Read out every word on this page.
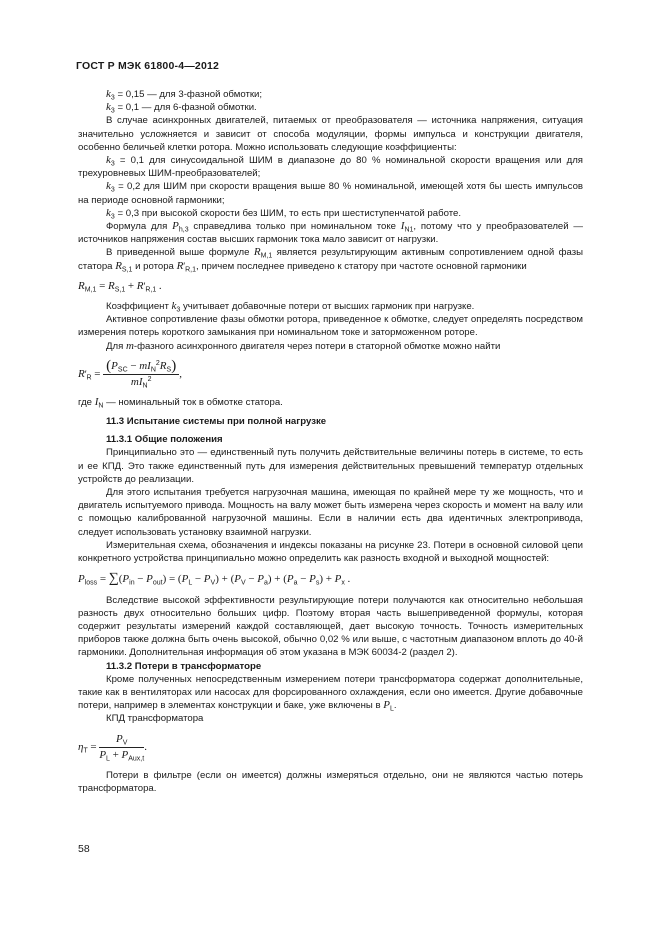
ГОСТ Р МЭК 61800-4—2012

$k_3 = 0,15$ — для 3-фазной обмотки;

$k_3 = 0,1$ — для 6-фазной обмотки.

В случае асинхронных двигателей, питаемых от преобразователя — источника напряжения, ситуация значительно усложняется и зависит от способа модуляции, формы импульса и конструкции двигателя, особенно беличьей клетки ротора. Можно использовать следующие коэффициенты:

$k_3 = 0,1$ для синусоидальной ШИМ в диапазоне до 80 % номинальной скорости вращения или для трехуровневых ШИМ-преобразователей;

$k_3 = 0,2$ для ШИМ при скорости вращения выше 80 % номинальной, имеющей хотя бы шесть импульсов на периоде основной гармоники;

$k_3 = 0,3$ при высокой скорости без ШИМ, то есть при шестиступенчатой работе.

Формула для $P_{h,3}$ справедлива только при номинальном токе $I_{N1}$, потому что у преобразователей — источников напряжения состав высших гармоник тока мало зависит от нагрузки.

В приведенной выше формуле $R_{M,1}$ является результирующим активным сопротивлением одной фазы статора $R_{S,1}$ и ротора $R'_{R,1}$, причем последнее приведено к статору при частоте основной гармоники

$R_{M,1} = R_{S,1} + R'_{R,1}$ .

Коэффициент $k_3$ учитывает добавочные потери от высших гармоник при нагрузке.

Активное сопротивление фазы обмотки ротора, приведенное к обмотке, следует определять посредством измерения потерь короткого замыкания при номинальном токе и заторможенном роторе.

Для m-фазного асинхронного двигателя через потери в статорной обмотке можно найти

$R'_R = \frac{(P_{SC} - mI_N^2R_S)}{mI_N^2}$ ,

где $I_N$ — номинальный ток в обмотке статора.

11.3 Испытание системы при полной нагрузке

11.3.1 Общие положения

Принципиально это — единственный путь получить действительные величины потерь в системе, то есть и ее КПД. Это также единственный путь для измерения действительных превышений температур отдельных устройств до реализации.

Для этого испытания требуется нагрузочная машина, имеющая по крайней мере ту же мощность, что и двигатель испытуемого привода. Мощность на валу может быть измерена через скорость и момент на валу или с помощью калиброванной нагрузочной машины. Если в наличии есть два идентичных электропривода, следует использовать установку взаимной нагрузки.

Измерительная схема, обозначения и индексы показаны на рисунке 23. Потери в основной силовой цепи конкретного устройства принципиально можно определить как разность входной и выходной мощностей:

$P_{loss} = \sum(P_{in} - P_{out}) = (P_L - P_V) + (P_V - P_a) + (P_a - P_s) + P_x$ .

Вследствие высокой эффективности результирующие потери получаются как относительно небольшая разность двух относительно больших цифр. Поэтому вторая часть вышеприведенной формулы, которая содержит результаты измерений каждой составляющей, дает высокую точность. Точность измерительных приборов также должна быть очень высокой, обычно 0,02 % или выше, с частотным диапазоном вплоть до 40-й гармоники. Дополнительная информация об этом указана в МЭК 60034-2 (раздел 2).

11.3.2 Потери в трансформаторе

Кроме полученных непосредственным измерением потери трансформатора содержат дополнительные, такие как в вентиляторах или насосах для форсированного охлаждения, если оно имеется. Другие добавочные потери, например в элементах конструкции и баке, уже включены в $P_L$.

КПД трансформатора

$\eta_T = \frac{P_V}{P_L + P_{Aux,t}}$ .

Потери в фильтре (если он имеется) должны измеряться отдельно, они не являются частью потерь трансформатора.

58
